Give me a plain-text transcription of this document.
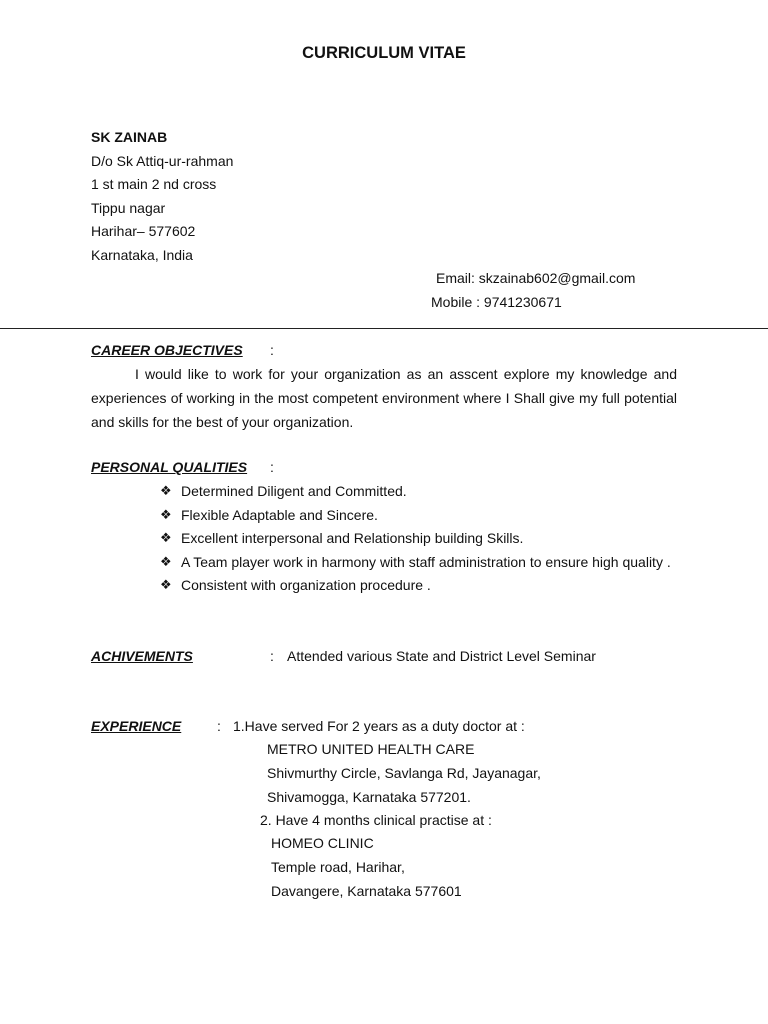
CURRICULUM VITAE
SK ZAINAB
D/o Sk Attiq-ur-rahman
1 st main 2 nd cross
Tippu nagar
Harihar– 577602
Karnataka, India
Email: skzainab602@gmail.com
Mobile : 9741230671
CAREER OBJECTIVES :
I would like to work for your organization as an asscent explore my knowledge and experiences of working in the most competent environment where I Shall give my full potential and skills for the best of your organization.
PERSONAL QUALITIES :
❖ Determined Diligent and Committed.
❖ Flexible Adaptable and Sincere.
❖ Excellent interpersonal and Relationship building Skills.
❖ A Team player work in harmony with staff administration to ensure high quality .
❖ Consistent with organization procedure .
ACHIVEMENTS	: Attended various State and District Level Seminar
EXPERIENCE	: 1.Have served For 2 years as a duty doctor at :
METRO UNITED HEALTH CARE
Shivmurthy Circle, Savlanga Rd, Jayanagar,
Shivamogga, Karnataka 577201.
2. Have 4 months clinical practise at :
HOMEO CLINIC
Temple road, Harihar,
Davangere, Karnataka 577601
